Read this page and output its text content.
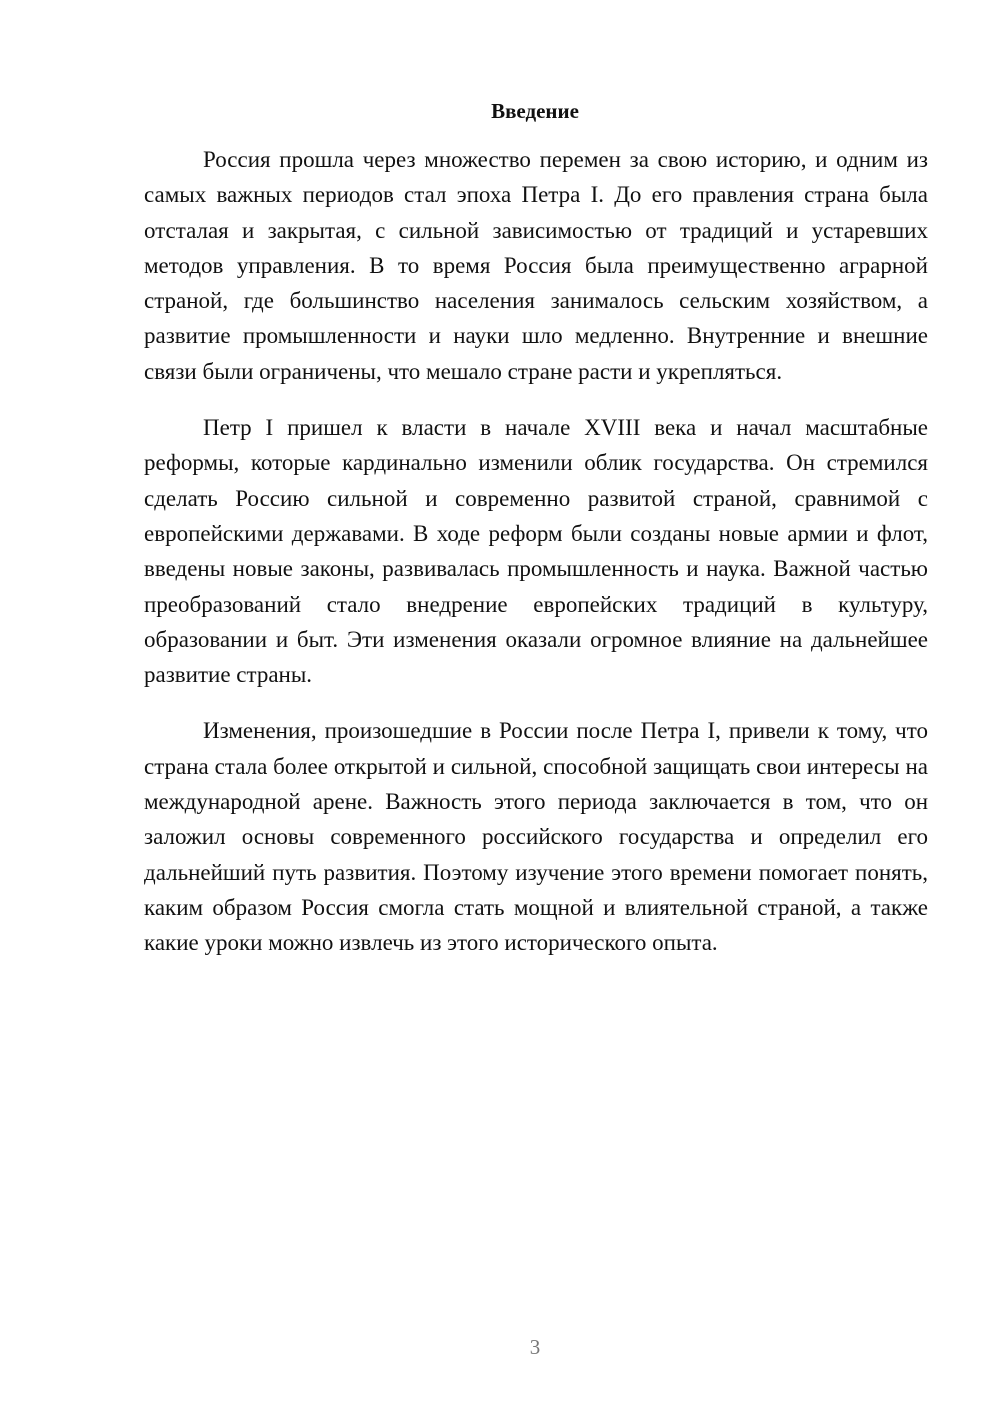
Введение

Россия прошла через множество перемен за свою историю, и одним из самых важных периодов стал эпоха Петра I. До его правления страна была отсталая и закрытая, с сильной зависимостью от традиций и устаревших методов управления. В то время Россия была преимущественно аграрной страной, где большинство населения занималось сельским хозяйством, а развитие промышленности и науки шло медленно. Внутренние и внешние связи были ограничены, что мешало стране расти и укрепляться.

Петр I пришел к власти в начале XVIII века и начал масштабные реформы, которые кардинально изменили облик государства. Он стремился сделать Россию сильной и современно развитой страной, сравнимой с европейскими державами. В ходе реформ были созданы новые армии и флот, введены новые законы, развивалась промышленность и наука. Важной частью преобразований стало внедрение европейских традиций в культуру, образовании и быт. Эти изменения оказали огромное влияние на дальнейшее развитие страны.

Изменения, произошедшие в России после Петра I, привели к тому, что страна стала более открытой и сильной, способной защищать свои интересы на международной арене. Важность этого периода заключается в том, что он заложил основы современного российского государства и определил его дальнейший путь развития. Поэтому изучение этого времени помогает понять, каким образом Россия смогла стать мощной и влиятельной страной, а также какие уроки можно извлечь из этого исторического опыта.

3
